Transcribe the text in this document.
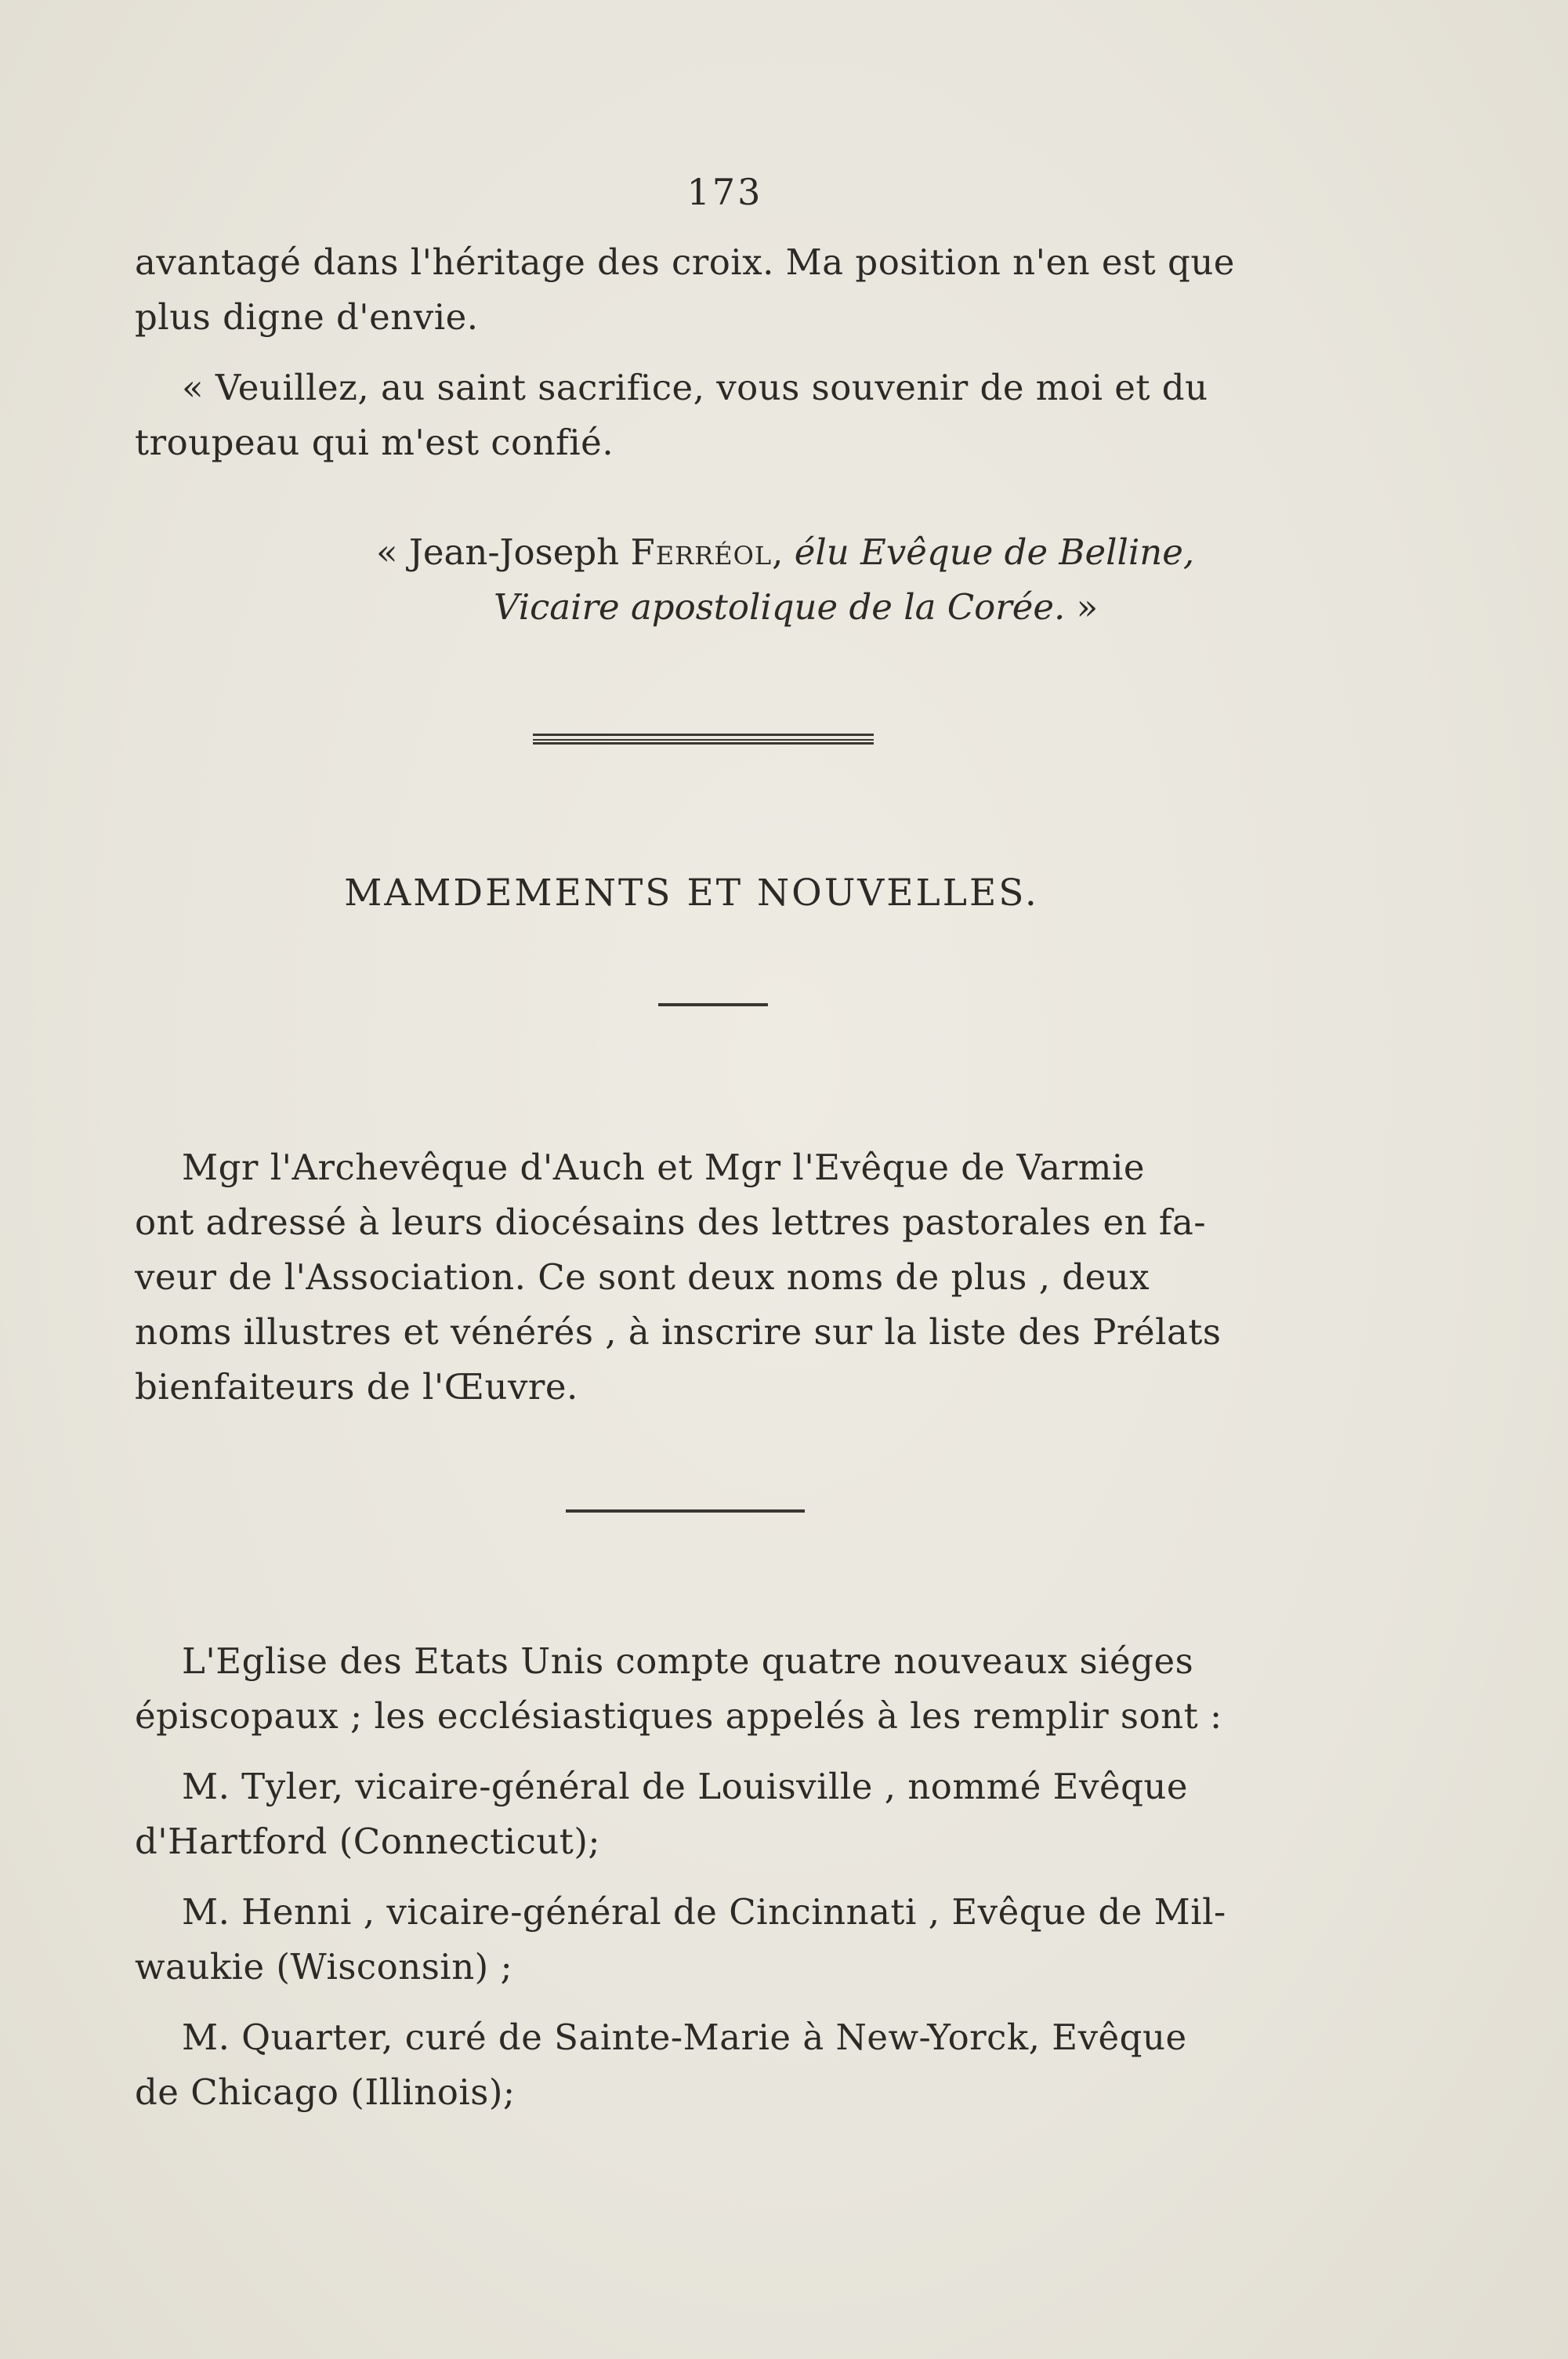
173
avantagé dans l'héritage des croix. Ma position n'en est que
plus digne d'envie.
« Veuillez, au saint sacrifice, vous souvenir de moi et du
troupeau qui m'est confié.
« Jean-Joseph Ferréol, élu Evêque de Belline,
Vicaire apostolique de la Corée. »
MAMDEMENTS ET NOUVELLES.
Mgr l'Archevêque d'Auch et Mgr l'Evêque de Varmie
ont adressé à leurs diocésains des lettres pastorales en fa-
veur de l'Association. Ce sont deux noms de plus , deux
noms illustres et vénérés , à inscrire sur la liste des Prélats
bienfaiteurs de l'Œuvre.
L'Eglise des Etats Unis compte quatre nouveaux siéges
épiscopaux ; les ecclésiastiques appelés à les remplir sont :
M. Tyler, vicaire-général de Louisville , nommé Evêque
d'Hartford (Connecticut);
M. Henni , vicaire-général de Cincinnati , Evêque de Mil-
waukie (Wisconsin) ;
M. Quarter, curé de Sainte-Marie à New-Yorck, Evêque
de Chicago (Illinois);
